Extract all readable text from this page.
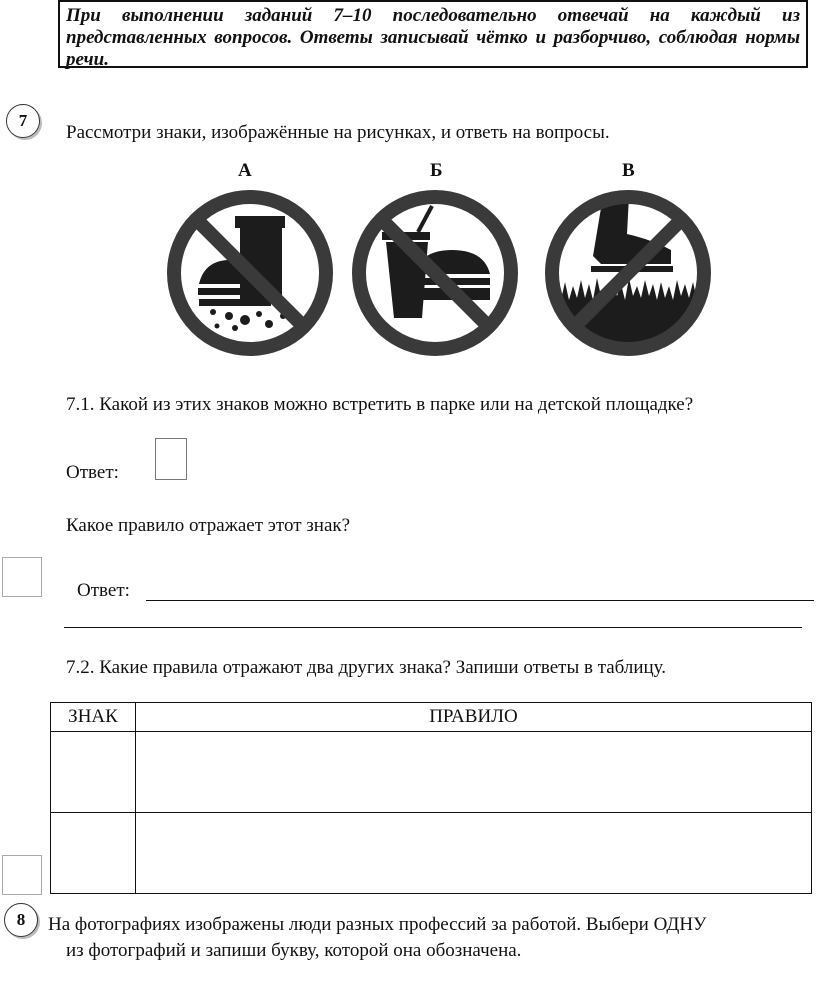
При выполнении заданий 7–10 последовательно отвечай на каждый из представленных вопросов. Ответы записывай чётко и разборчиво, соблюдая нормы речи.
7
Рассмотри знаки, изображённые на рисунках, и ответь на вопросы.
А	Б	В
7.1. Какой из этих знаков можно встретить в парке или на детской площадке?
Ответ:
Какое правило отражает этот знак?
Ответ:
7.2. Какие правила отражают два других знака? Запиши ответы в таблицу.
ЗНАК	ПРАВИЛО

8 На фотографиях изображены люди разных профессий за работой. Выбери ОДНУ
из фотографий и запиши букву, которой она обозначена.
